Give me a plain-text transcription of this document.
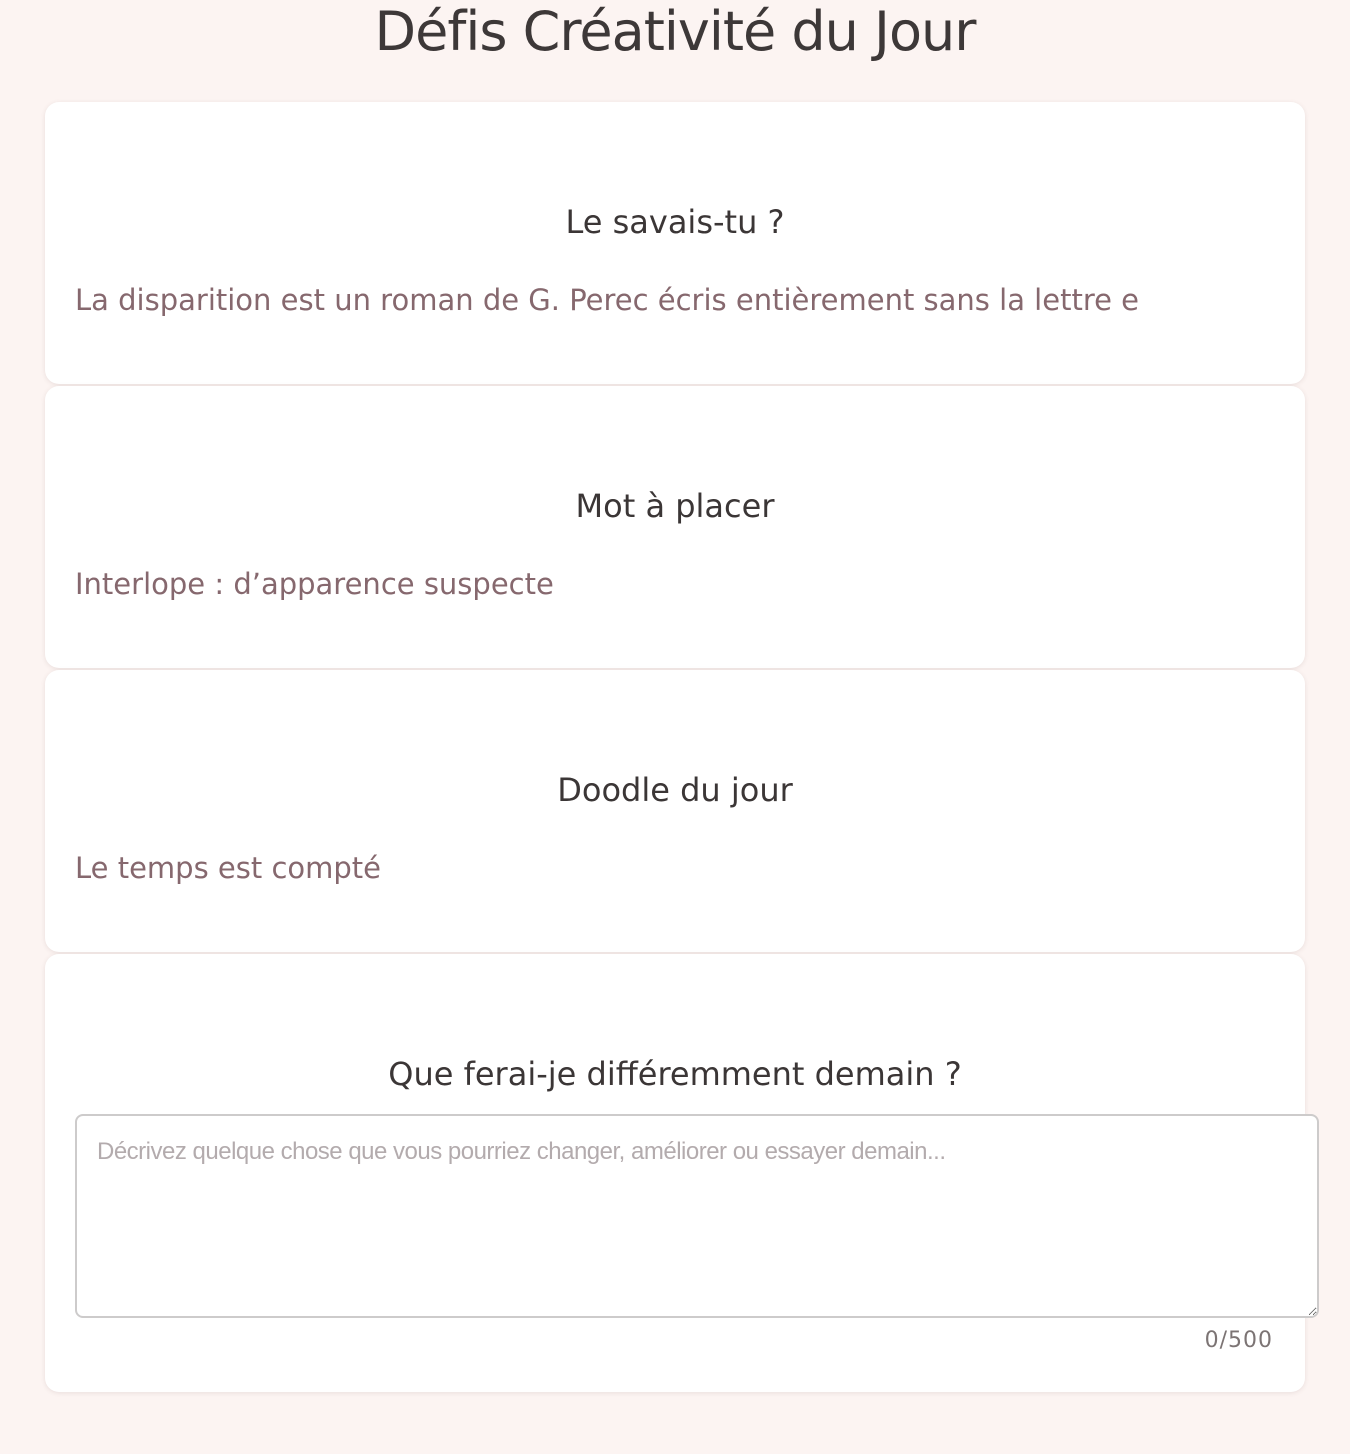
Défis Créativité du Jour
Le savais-tu ?

La disparition est un roman de G. Perec écris entièrement sans la lettre e

Mot à placer

Interlope : d’apparence suspecte

Doodle du jour

Le temps est compté

Que ferai-je différemment demain ?
Décrivez quelque chose que vous pourriez changer, améliorer ou essayer demain...
0/500
